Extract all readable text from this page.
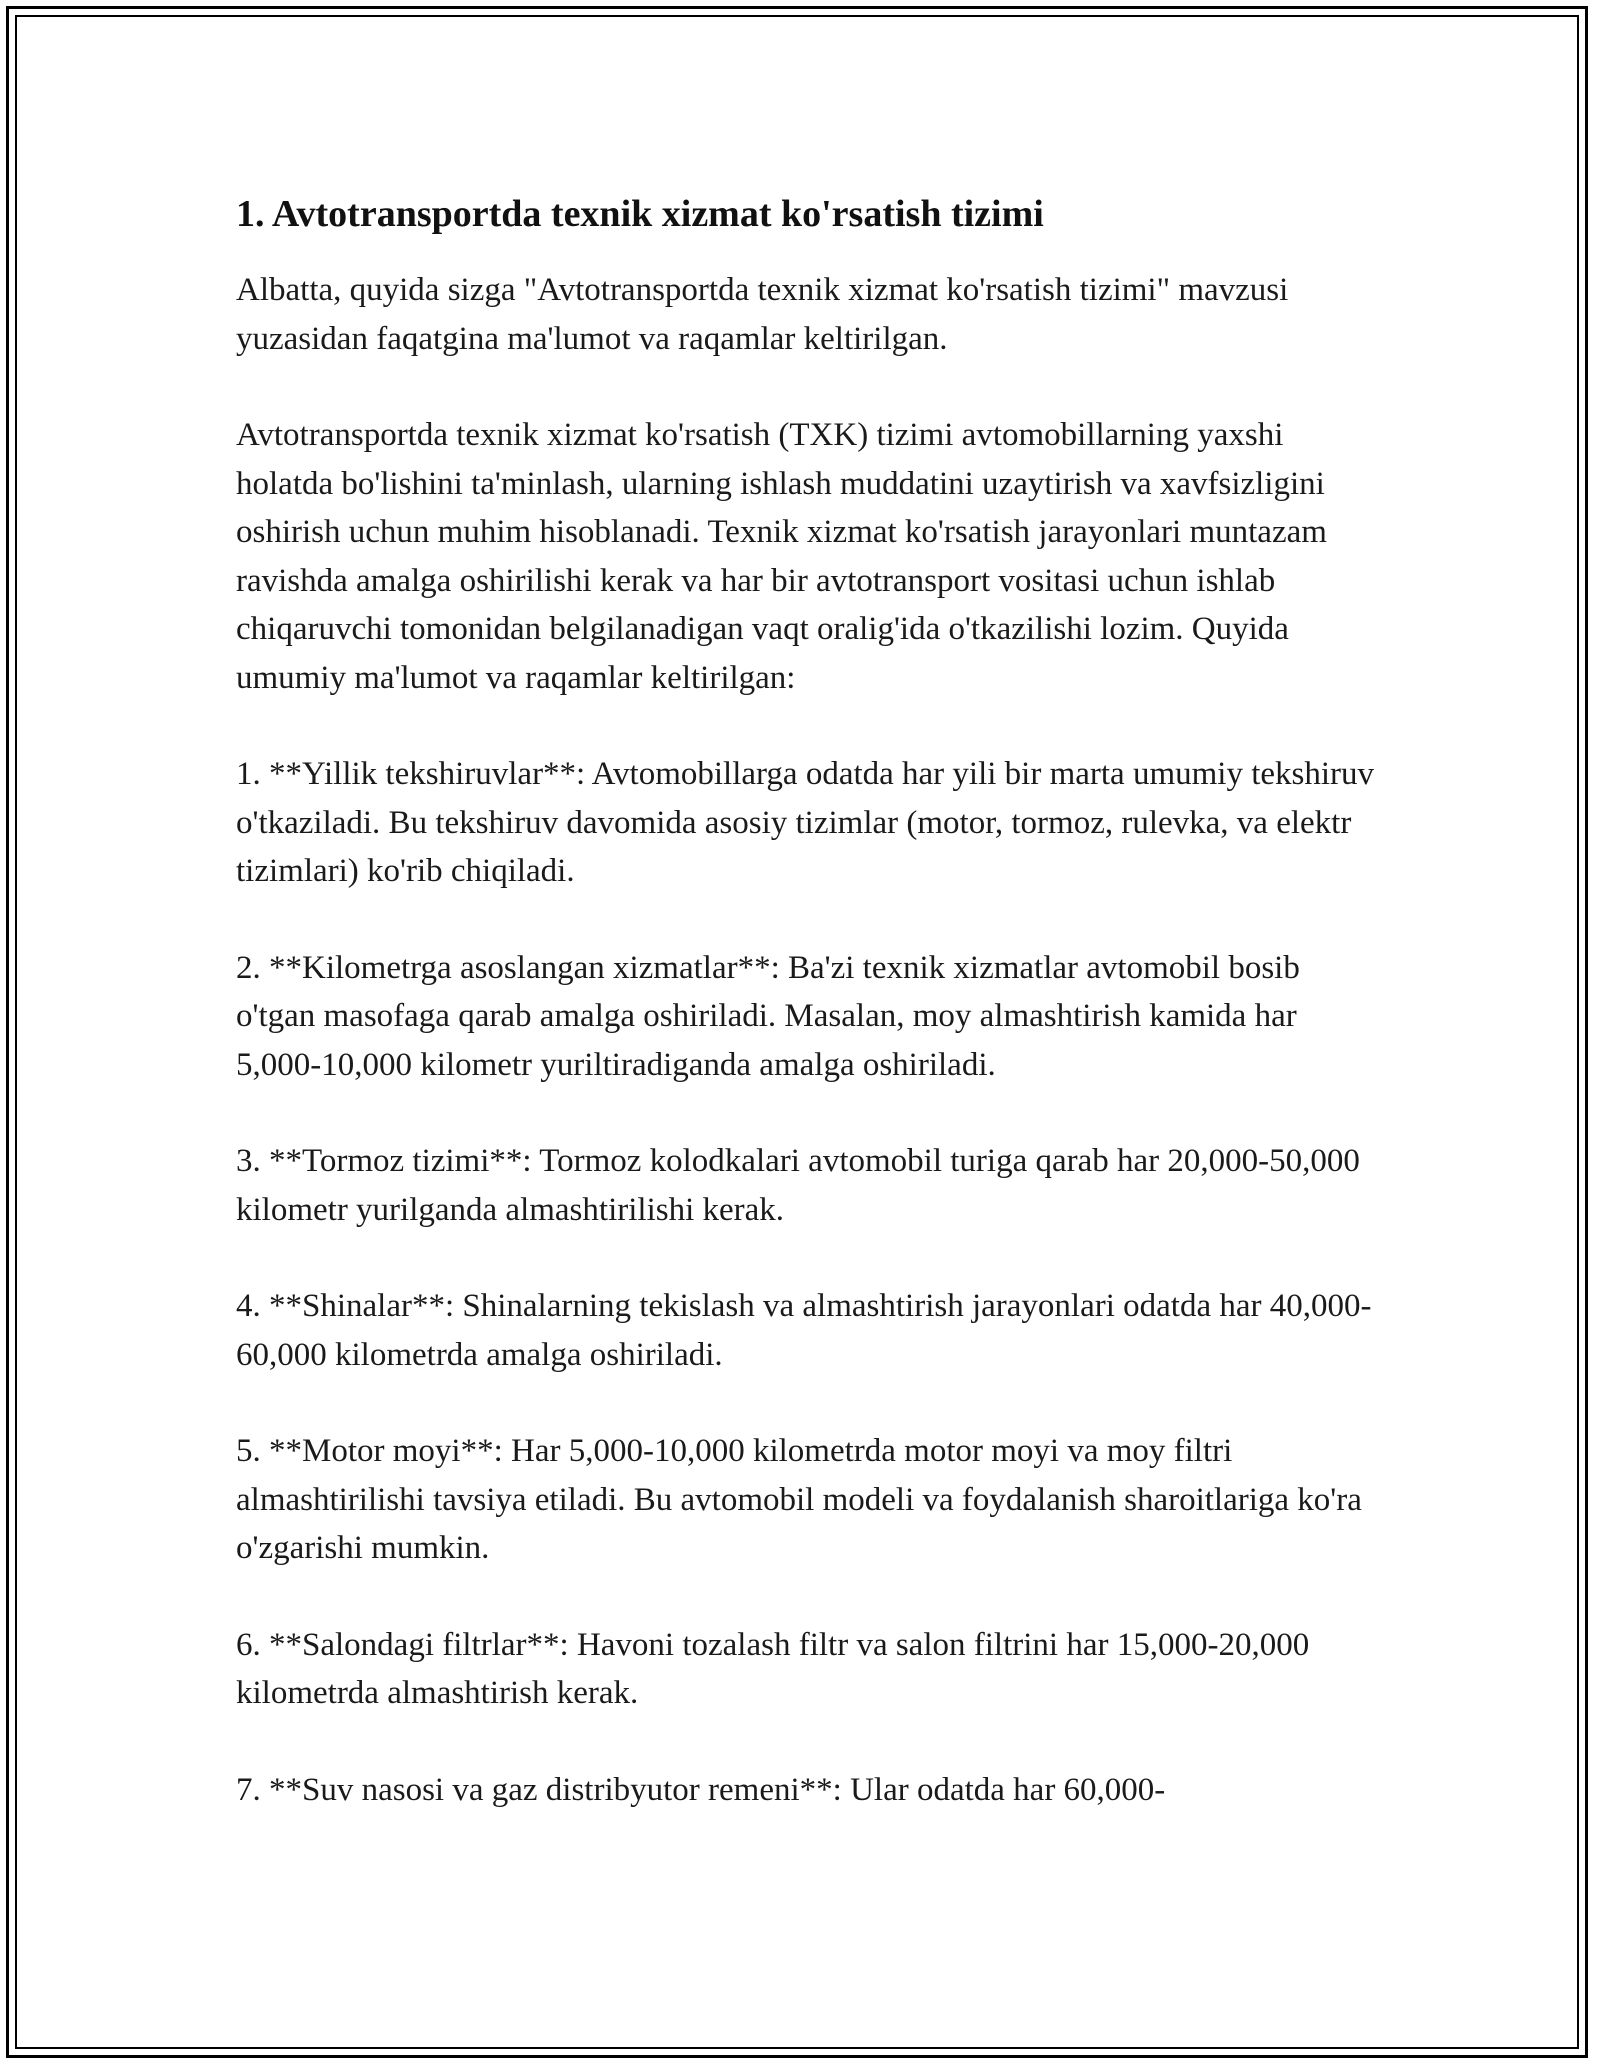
1. Avtotransportda texnik xizmat ko'rsatish tizimi

Albatta, quyida sizga "Avtotransportda texnik xizmat ko'rsatish tizimi" mavzusi yuzasidan faqatgina ma'lumot va raqamlar keltirilgan.

Avtotransportda texnik xizmat ko'rsatish (TXK) tizimi avtomobillarning yaxshi holatda bo'lishini ta'minlash, ularning ishlash muddatini uzaytirish va xavfsizligini oshirish uchun muhim hisoblanadi. Texnik xizmat ko'rsatish jarayonlari muntazam ravishda amalga oshirilishi kerak va har bir avtotransport vositasi uchun ishlab chiqaruvchi tomonidan belgilanadigan vaqt oralig'ida o'tkazilishi lozim. Quyida umumiy ma'lumot va raqamlar keltirilgan:

1. **Yillik tekshiruvlar**: Avtomobillarga odatda har yili bir marta umumiy tekshiruv o'tkaziladi. Bu tekshiruv davomida asosiy tizimlar (motor, tormoz, rulevka, va elektr tizimlari) ko'rib chiqiladi.

2. **Kilometrga asoslangan xizmatlar**: Ba'zi texnik xizmatlar avtomobil bosib o'tgan masofaga qarab amalga oshiriladi. Masalan, moy almashtirish kamida har 5,000-10,000 kilometr yuriltiradiganda amalga oshiriladi.

3. **Tormoz tizimi**: Tormoz kolodkalari avtomobil turiga qarab har 20,000-50,000 kilometr yurilganda almashtirilishi kerak.

4. **Shinalar**: Shinalarning tekislash va almashtirish jarayonlari odatda har 40,000-60,000 kilometrda amalga oshiriladi.

5. **Motor moyi**: Har 5,000-10,000 kilometrda motor moyi va moy filtri almashtirilishi tavsiya etiladi. Bu avtomobil modeli va foydalanish sharoitlariga ko'ra o'zgarishi mumkin.

6. **Salondagi filtrlar**: Havoni tozalash filtr va salon filtrini har 15,000-20,000 kilometrda almashtirish kerak.

7. **Suv nasosi va gaz distribyutor remeni**: Ular odatda har 60,000-
